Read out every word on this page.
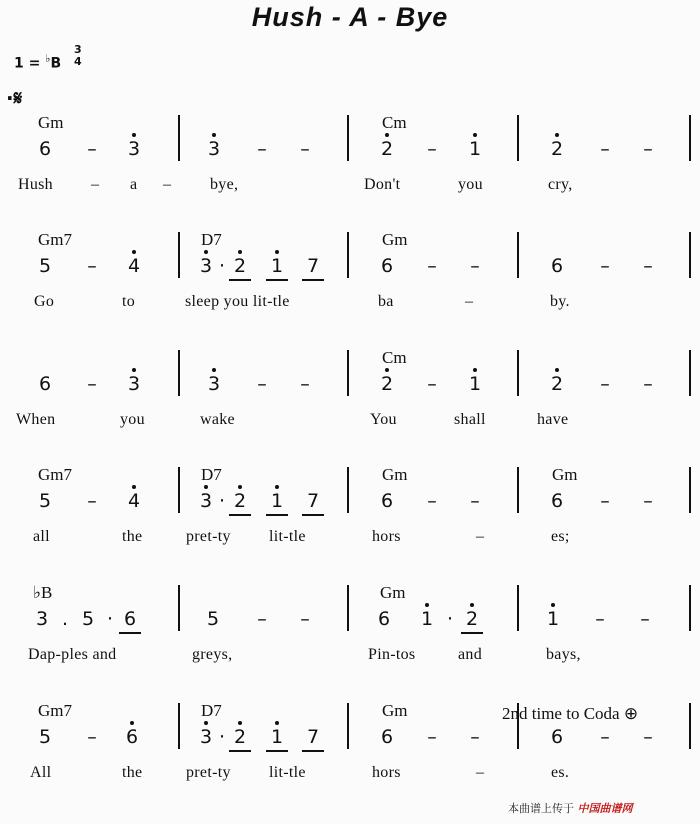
Hush - A - Bye
1 = ♭B
3
4
·𝄋
Gm	Cm
6 – 3	3 – –	2 – 1	2 – –
Hush – a – bye,	Don't	you	cry,
Gm7	D7	Gm
5 – 4	3 · 2 1 7	6 – –	6 – –
Go	to	sleep you lit-tle	ba	–	by.
Cm
6 – 3	3 – –	2 – 1	2 – –
When	you	wake	You	shall	have
Gm7	D7	Gm	Gm
5 – 4	3 · 2 1 7	6 – –	6 – –
all	the	pret-ty lit-tle	hors	–	es;
♭B	Gm
3 . 5 · 6	5 – –	6 1 · 2	1 – –
Dap-ples and	greys,	Pin-tos	and	bays,
Gm7	D7	Gm
5 – 6	3 · 2 1 7	6 – –	6 – –
All	the	pret-ty lit-tle	hors	–	es.
2nd time to Coda ⊕
本曲谱上传于 中国曲谱网
